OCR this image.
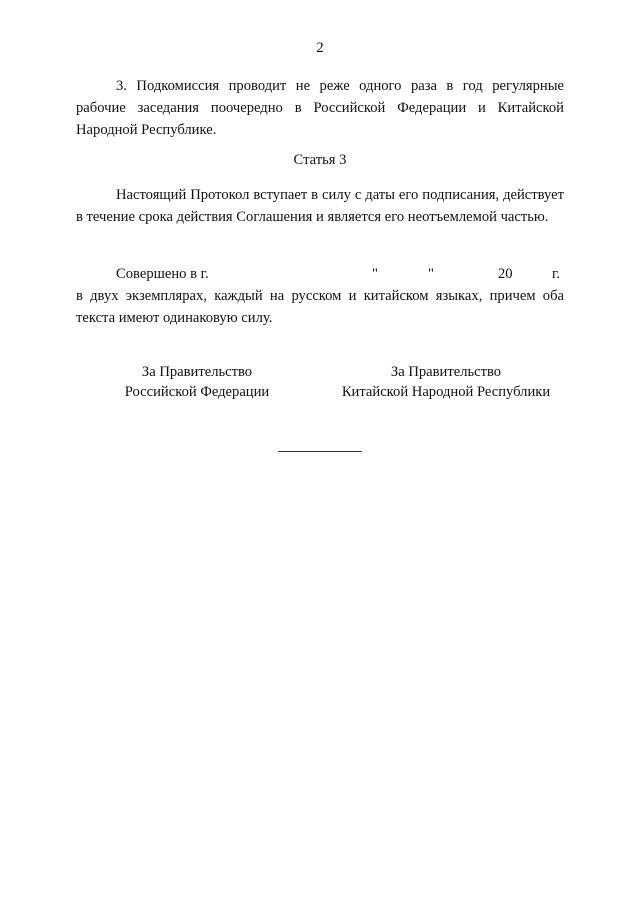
2
3. Подкомиссия проводит не реже одного раза в год регулярные рабочие заседания поочередно в Российской Федерации и Китайской Народной Республике.
Статья 3
Настоящий Протокол вступает в силу с даты его подписания, действует в течение срока действия Соглашения и является его неотъемлемой частью.
Совершено в г.	"	"	20	г.
в двух экземплярах, каждый на русском и китайском языках, причем оба текста имеют одинаковую силу.
За Правительство
Российской Федерации
За Правительство
Китайской Народной Республики
